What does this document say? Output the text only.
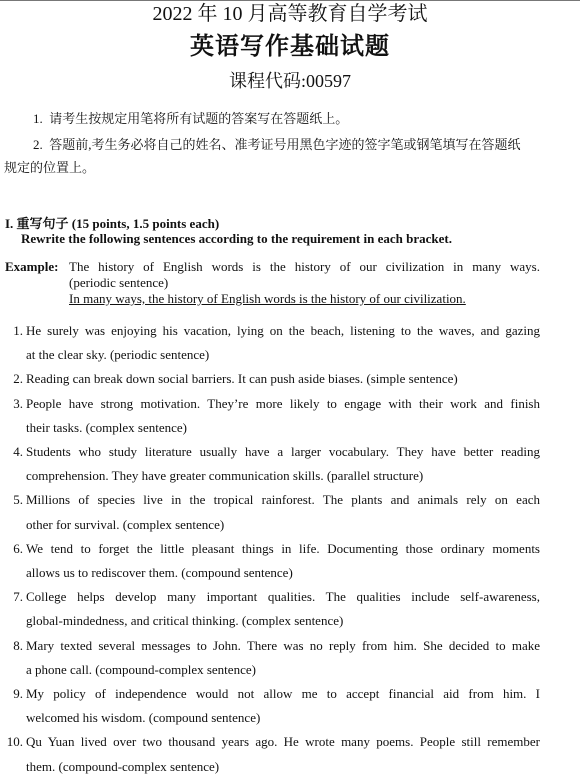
2022 年 10 月高等教育自学考试
英语写作基础试题
课程代码:00597
1. 请考生按规定用笔将所有试题的答案写在答题纸上。
2. 答题前,考生务必将自己的姓名、准考证号用黑色字迹的签字笔或钢笔填写在答题纸
规定的位置上。
I. 重写句子 (15 points, 1.5 points each)
Rewrite the following sentences according to the requirement in each bracket.
Example: The history of English words is the history of our civilization in many ways.
(periodic sentence)
In many ways, the history of English words is the history of our civilization.
1. He surely was enjoying his vacation, lying on the beach, listening to the waves, and gazing
at the clear sky. (periodic sentence)
2. Reading can break down social barriers. It can push aside biases. (simple sentence)
3. People have strong motivation. They’re more likely to engage with their work and finish
their tasks. (complex sentence)
4. Students who study literature usually have a larger vocabulary. They have better reading
comprehension. They have greater communication skills. (parallel structure)
5. Millions of species live in the tropical rainforest. The plants and animals rely on each
other for survival. (complex sentence)
6. We tend to forget the little pleasant things in life. Documenting those ordinary moments
allows us to rediscover them. (compound sentence)
7. College helps develop many important qualities. The qualities include self-awareness,
global-mindedness, and critical thinking. (complex sentence)
8. Mary texted several messages to John. There was no reply from him. She decided to make
a phone call. (compound-complex sentence)
9. My policy of independence would not allow me to accept financial aid from him. I
welcomed his wisdom. (compound sentence)
10. Qu Yuan lived over two thousand years ago. He wrote many poems. People still remember
them. (compound-complex sentence)
